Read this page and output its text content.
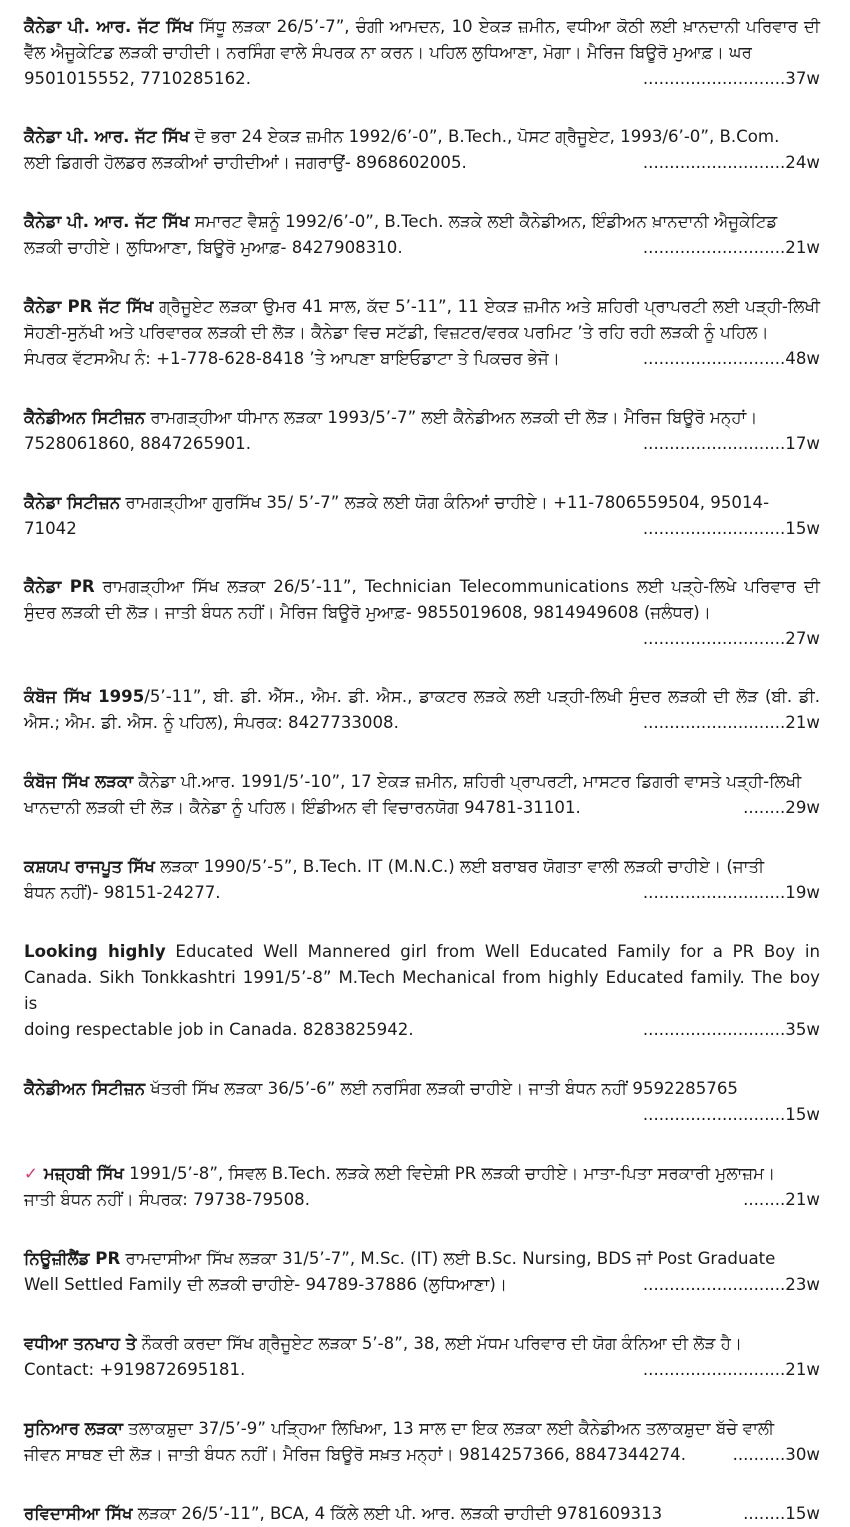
ਕੈਨੇਡਾ ਪੀ. ਆਰ. ਜੱਟ ਸਿੱਖ ਸਿੱਧੂ ਲੜਕਾ 26/5’-7”, ਚੰਗੀ ਆਮਦਨ, 10 ਏਕੜ ਜ਼ਮੀਨ, ਵਧੀਆ ਕੋਠੀ ਲਈ ਖ਼ਾਨਦਾਨੀ ਪਰਿਵਾਰ ਦੀ ਵੈੱਲ ਐਜੂਕੇਟਿਡ ਲੜਕੀ ਚਾਹੀਦੀ। ਨਰਸਿੰਗ ਵਾਲੇ ਸੰਪਰਕ ਨਾ ਕਰਨ। ਪਹਿਲ ਲੁਧਿਆਣਾ, ਮੋਗਾ। ਮੈਰਿਜ ਬਿਊਰੋ ਮੁਆਫ਼। ਘਰ
9501015552, 7710285162.	...........................37w
ਕੈਨੇਡਾ ਪੀ. ਆਰ. ਜੱਟ ਸਿੱਖ ਦੋ ਭਰਾ 24 ਏਕੜ ਜ਼ਮੀਨ 1992/6’-0”, B.Tech., ਪੋਸਟ ਗ੍ਰੈਜੂਏਟ, 1993/6’-0”, B.Com.
ਲਈ ਡਿਗਰੀ ਹੋਲਡਰ ਲੜਕੀਆਂ ਚਾਹੀਦੀਆਂ। ਜਗਰਾਉਂ- 8968602005.	...........................24w
ਕੈਨੇਡਾ ਪੀ. ਆਰ. ਜੱਟ ਸਿੱਖ ਸਮਾਰਟ ਵੈਸ਼ਨੂੰ 1992/6’-0”, B.Tech. ਲੜਕੇ ਲਈ ਕੈਨੇਡੀਅਨ, ਇੰਡੀਅਨ ਖ਼ਾਨਦਾਨੀ ਐਜੂਕੇਟਿਡ
ਲੜਕੀ ਚਾਹੀਏ। ਲੁਧਿਆਣਾ, ਬਿਊਰੋ ਮੁਆਫ਼- 8427908310.	...........................21w
ਕੈਨੇਡਾ PR ਜੱਟ ਸਿੱਖ ਗ੍ਰੈਜੂਏਟ ਲੜਕਾ ਉਮਰ 41 ਸਾਲ, ਕੱਦ 5’-11”, 11 ਏਕੜ ਜ਼ਮੀਨ ਅਤੇ ਸ਼ਹਿਰੀ ਪ੍ਰਾਪਰਟੀ ਲਈ ਪੜ੍ਹੀ-ਲਿਖੀ ਸੋਹਣੀ-ਸੁਨੱਖੀ ਅਤੇ ਪਰਿਵਾਰਕ ਲੜਕੀ ਦੀ ਲੋੜ। ਕੈਨੇਡਾ ਵਿਚ ਸਟੱਡੀ, ਵਿਜ਼ਟਰ/ਵਰਕ ਪਰਮਿਟ ’ਤੇ ਰਹਿ ਰਹੀ ਲੜਕੀ ਨੂੰ ਪਹਿਲ।
ਸੰਪਰਕ ਵੱਟਸਐਪ ਨੰ: +1-778-628-8418 ’ਤੇ ਆਪਣਾ ਬਾਇਓਡਾਟਾ ਤੇ ਪਿਕਚਰ ਭੇਜੋ।	...........................48w
ਕੈਨੇਡੀਅਨ ਸਿਟੀਜ਼ਨ ਰਾਮਗੜ੍ਹੀਆ ਧੀਮਾਨ ਲੜਕਾ 1993/5’-7” ਲਈ ਕੈਨੇਡੀਅਨ ਲੜਕੀ ਦੀ ਲੋੜ। ਮੈਰਿਜ ਬਿਊਰੋ ਮਨ੍ਹਾਂ।
7528061860, 8847265901.	...........................17w
ਕੈਨੇਡਾ ਸਿਟੀਜ਼ਨ ਰਾਮਗੜ੍ਹੀਆ ਗੁਰਸਿੱਖ 35/ 5’-7” ਲੜਕੇ ਲਈ ਯੋਗ ਕੰਨਿਆਂ ਚਾਹੀਏ। +11-7806559504, 95014-
71042	...........................15w
ਕੈਨੇਡਾ PR ਰਾਮਗੜ੍ਹੀਆ ਸਿੱਖ ਲੜਕਾ 26/5’-11”, Technician Telecommunications ਲਈ ਪੜ੍ਹੇ-ਲਿਖੇ ਪਰਿਵਾਰ ਦੀ ਸੁੰਦਰ ਲੜਕੀ ਦੀ ਲੋੜ। ਜਾਤੀ ਬੰਧਨ ਨਹੀਂ। ਮੈਰਿਜ ਬਿਊਰੋ ਮੁਆਫ਼- 9855019608, 9814949608 (ਜਲੰਧਰ)।
...........................27w
ਕੰਬੋਜ ਸਿੱਖ 1995/5’-11”, ਬੀ. ਡੀ. ਐੱਸ., ਐਮ. ਡੀ. ਐਸ., ਡਾਕਟਰ ਲੜਕੇ ਲਈ ਪੜ੍ਹੀ-ਲਿਖੀ ਸੁੰਦਰ ਲੜਕੀ ਦੀ ਲੋੜ (ਬੀ. ਡੀ. ਐਸ.; ਐਮ. ਡੀ. ਐਸ. ਨੂੰ ਪਹਿਲ), ਸੰਪਰਕ: 8427733008.	...........................21w
ਕੰਬੋਜ ਸਿੱਖ ਲੜਕਾ ਕੈਨੇਡਾ ਪੀ.ਆਰ. 1991/5’-10”, 17 ਏਕੜ ਜ਼ਮੀਨ, ਸ਼ਹਿਰੀ ਪ੍ਰਾਪਰਟੀ, ਮਾਸਟਰ ਡਿਗਰੀ ਵਾਸਤੇ ਪੜ੍ਹੀ-ਲਿਖੀ
ਖਾਨਦਾਨੀ ਲੜਕੀ ਦੀ ਲੋੜ। ਕੈਨੇਡਾ ਨੂੰ ਪਹਿਲ। ਇੰਡੀਅਨ ਵੀ ਵਿਚਾਰਨਯੋਗ 94781-31101.	........29w
ਕਸ਼ਯਪ ਰਾਜਪੂਤ ਸਿੱਖ ਲੜਕਾ 1990/5’-5”, B.Tech. IT (M.N.C.) ਲਈ ਬਰਾਬਰ ਯੋਗਤਾ ਵਾਲੀ ਲੜਕੀ ਚਾਹੀਏ। (ਜਾਤੀ
ਬੰਧਨ ਨਹੀਂ)- 98151-24277.	...........................19w
Looking highly Educated Well Mannered girl from Well Educated Family for a PR Boy in Canada. Sikh Tonkkashtri 1991/5’-8” M.Tech Mechanical from highly Educated family. The boy is
doing respectable job in Canada. 8283825942.	...........................35w
ਕੈਨੇਡੀਅਨ ਸਿਟੀਜ਼ਨ ਖੱਤਰੀ ਸਿੱਖ ਲੜਕਾ 36/5’-6” ਲਈ ਨਰਸਿੰਗ ਲੜਕੀ ਚਾਹੀਏ। ਜਾਤੀ ਬੰਧਨ ਨਹੀਂ 9592285765
...........................15w
✓ ਮਜ਼੍ਹਬੀ ਸਿੱਖ 1991/5’-8”, ਸਿਵਲ B.Tech. ਲੜਕੇ ਲਈ ਵਿਦੇਸ਼ੀ PR ਲੜਕੀ ਚਾਹੀਏ। ਮਾਤਾ-ਪਿਤਾ ਸਰਕਾਰੀ ਮੁਲਾਜ਼ਮ।
ਜਾਤੀ ਬੰਧਨ ਨਹੀਂ। ਸੰਪਰਕ: 79738-79508.	........21w
ਨਿਊਜ਼ੀਲੈਂਡ PR ਰਾਮਦਾਸੀਆ ਸਿੱਖ ਲੜਕਾ 31/5’-7”, M.Sc. (IT) ਲਈ B.Sc. Nursing, BDS ਜਾਂ Post Graduate
Well Settled Family ਦੀ ਲੜਕੀ ਚਾਹੀਏ- 94789-37886 (ਲੁਧਿਆਣਾ)।	...........................23w
ਵਧੀਆ ਤਨਖਾਹ ਤੇ ਨੌਕਰੀ ਕਰਦਾ ਸਿੱਖ ਗ੍ਰੈਜੂਏਟ ਲੜਕਾ 5’-8”, 38, ਲਈ ਮੱਧਮ ਪਰਿਵਾਰ ਦੀ ਯੋਗ ਕੰਨਿਆ ਦੀ ਲੋੜ ਹੈ।
Contact: +919872695181.	...........................21w
ਸੁਨਿਆਰ ਲੜਕਾ ਤਲਾਕਸ਼ੁਦਾ 37/5’-9” ਪੜ੍ਹਿਆ ਲਿਖਿਆ, 13 ਸਾਲ ਦਾ ਇਕ ਲੜਕਾ ਲਈ ਕੈਨੇਡੀਅਨ ਤਲਾਕਸ਼ੁਦਾ ਬੱਚੇ ਵਾਲੀ
ਜੀਵਨ ਸਾਥਣ ਦੀ ਲੋੜ। ਜਾਤੀ ਬੰਧਨ ਨਹੀਂ। ਮੈਰਿਜ ਬਿਊਰੋ ਸਖ਼ਤ ਮਨ੍ਹਾਂ। 9814257366, 8847344274.	..........30w
ਰਵਿਦਾਸੀਆ ਸਿੱਖ ਲੜਕਾ 26/5’-11”, BCA, 4 ਕਿੱਲੇ ਲਈ ਪੀ. ਆਰ. ਲੜਕੀ ਚਾਹੀਦੀ 9781609313	........15w
